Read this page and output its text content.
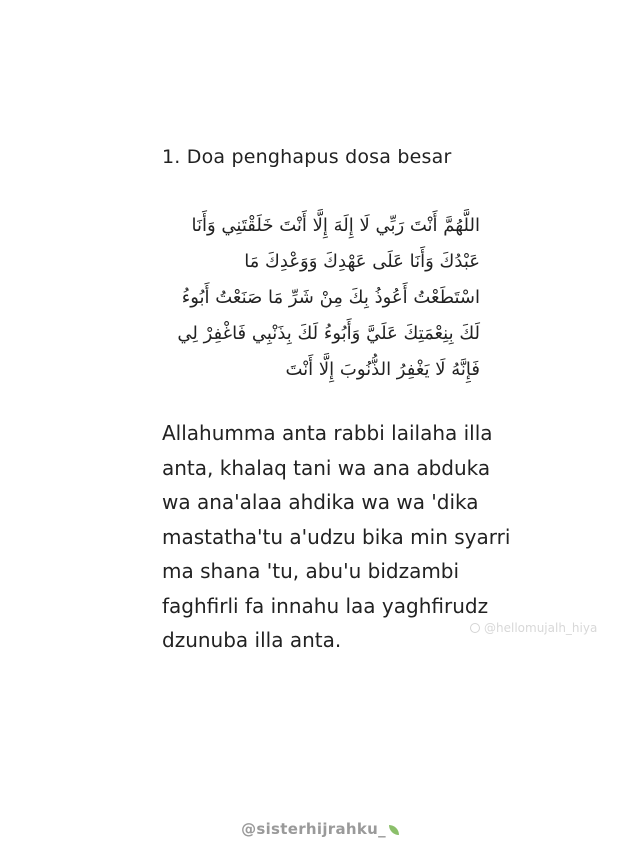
1. Doa penghapus dosa besar
اللَّهُمَّ أَنْتَ رَبِّي لَا إِلَهَ إِلَّا أَنْتَ خَلَقْتَنِي وَأَنَا
عَبْدُكَ وَأَنَا عَلَى عَهْدِكَ وَوَعْدِكَ مَا
اسْتَطَعْتُ أَعُوذُ بِكَ مِنْ شَرِّ مَا صَنَعْتُ أَبُوءُ
لَكَ بِنِعْمَتِكَ عَلَيَّ وَأَبُوءُ لَكَ بِذَنْبِي فَاغْفِرْ لِي
فَإِنَّهُ لَا يَغْفِرُ الذُّنُوبَ إِلَّا أَنْتَ
Allahumma anta rabbi lailaha illa
anta, khalaq tani wa ana abduka
wa ana'alaa ahdika wa wa 'dika
mastatha'tu a'udzu bika min syarri
ma shana 'tu, abu'u bidzambi
faghfirli fa innahu laa yaghfirudz
dzunuba illa anta.	@hellomujalh_hiya
@sisterhijrahku_
